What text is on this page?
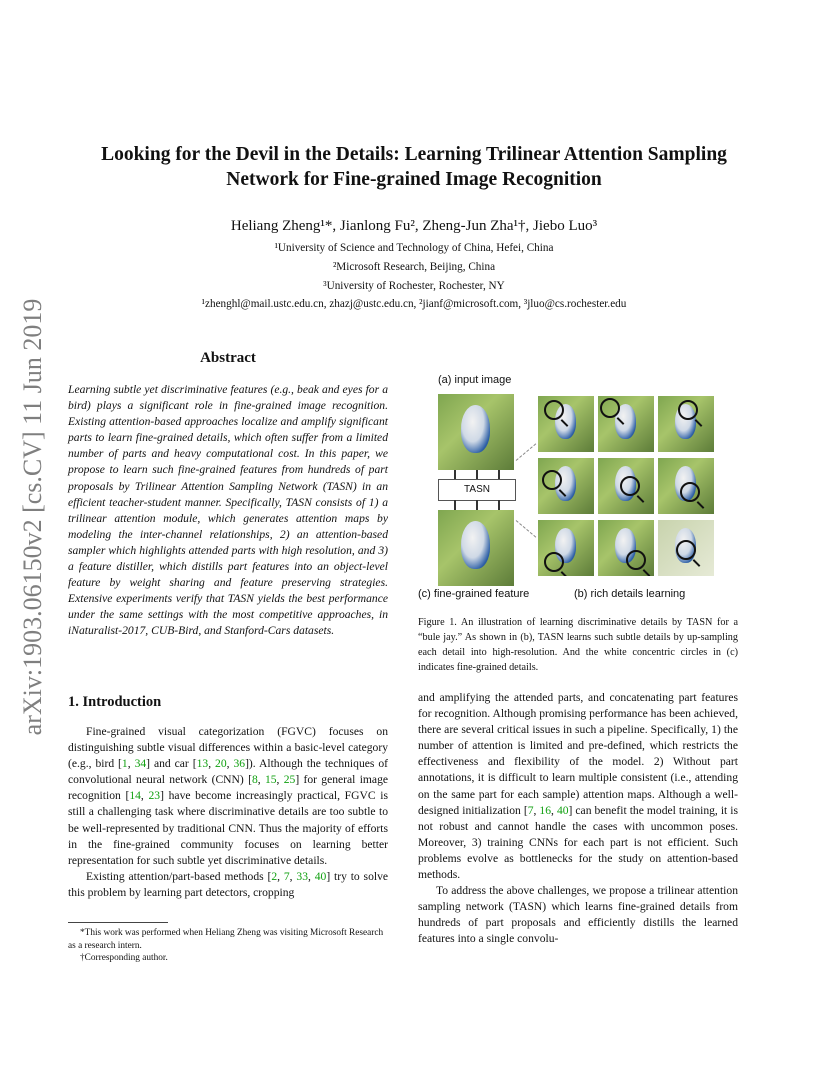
arXiv:1903.06150v2 [cs.CV] 11 Jun 2019
Looking for the Devil in the Details: Learning Trilinear Attention Sampling
Network for Fine-grained Image Recognition
Heliang Zheng¹*, Jianlong Fu², Zheng-Jun Zha¹†, Jiebo Luo³
¹University of Science and Technology of China, Hefei, China
²Microsoft Research, Beijing, China
³University of Rochester, Rochester, NY
¹zhenghl@mail.ustc.edu.cn, zhazj@ustc.edu.cn, ²jianf@microsoft.com, ³jluo@cs.rochester.edu
Abstract
Learning subtle yet discriminative features (e.g., beak and eyes for a bird) plays a significant role in fine-grained image recognition. Existing attention-based approaches localize and amplify significant parts to learn fine-grained details, which often suffer from a limited number of parts and heavy computational cost. In this paper, we propose to learn such fine-grained features from hundreds of part proposals by Trilinear Attention Sampling Network (TASN) in an efficient teacher-student manner. Specifically, TASN consists of 1) a trilinear attention module, which generates attention maps by modeling the inter-channel relationships, 2) an attention-based sampler which highlights attended parts with high resolution, and 3) a feature distiller, which distills part features into an object-level feature by weight sharing and feature preserving strategies. Extensive experiments verify that TASN yields the best performance under the same settings with the most competitive approaches, in iNaturalist-2017, CUB-Bird, and Stanford-Cars datasets.
1. Introduction

Fine-grained visual categorization (FGVC) focuses on distinguishing subtle visual differences within a basic-level category (e.g., bird [1, 34] and car [13, 20, 36]). Although the techniques of convolutional neural network (CNN) [8, 15, 25] for general image recognition [14, 23] have become increasingly practical, FGVC is still a challenging task where discriminative details are too subtle to be well-represented by traditional CNN. Thus the majority of efforts in the fine-grained community focuses on learning better representation for such subtle yet discriminative details.

Existing attention/part-based methods [2, 7, 33, 40] try to solve this problem by learning part detectors, cropping

*This work was performed when Heliang Zheng was visiting Microsoft Research as a research intern.
†Corresponding author.
(a) input image
TASN
(c) fine-grained feature	(b) rich details learning
Figure 1. An illustration of learning discriminative details by TASN for a “bule jay.” As shown in (b), TASN learns such subtle details by up-sampling each detail into high-resolution. And the white concentric circles in (c) indicates fine-grained details.

and amplifying the attended parts, and concatenating part features for recognition. Although promising performance has been achieved, there are several critical issues in such a pipeline. Specifically, 1) the number of attention is limited and pre-defined, which restricts the effectiveness and flexibility of the model. 2) Without part annotations, it is difficult to learn multiple consistent (i.e., attending on the same part for each sample) attention maps. Although a well-designed initialization [7, 16, 40] can benefit the model training, it is not robust and cannot handle the cases with uncommon poses. Moreover, 3) training CNNs for each part is not efficient. Such problems evolve as bottlenecks for the study on attention-based methods.

To address the above challenges, we propose a trilinear attention sampling network (TASN) which learns fine-grained details from hundreds of part proposals and efficiently distills the learned features into a single convolu-
